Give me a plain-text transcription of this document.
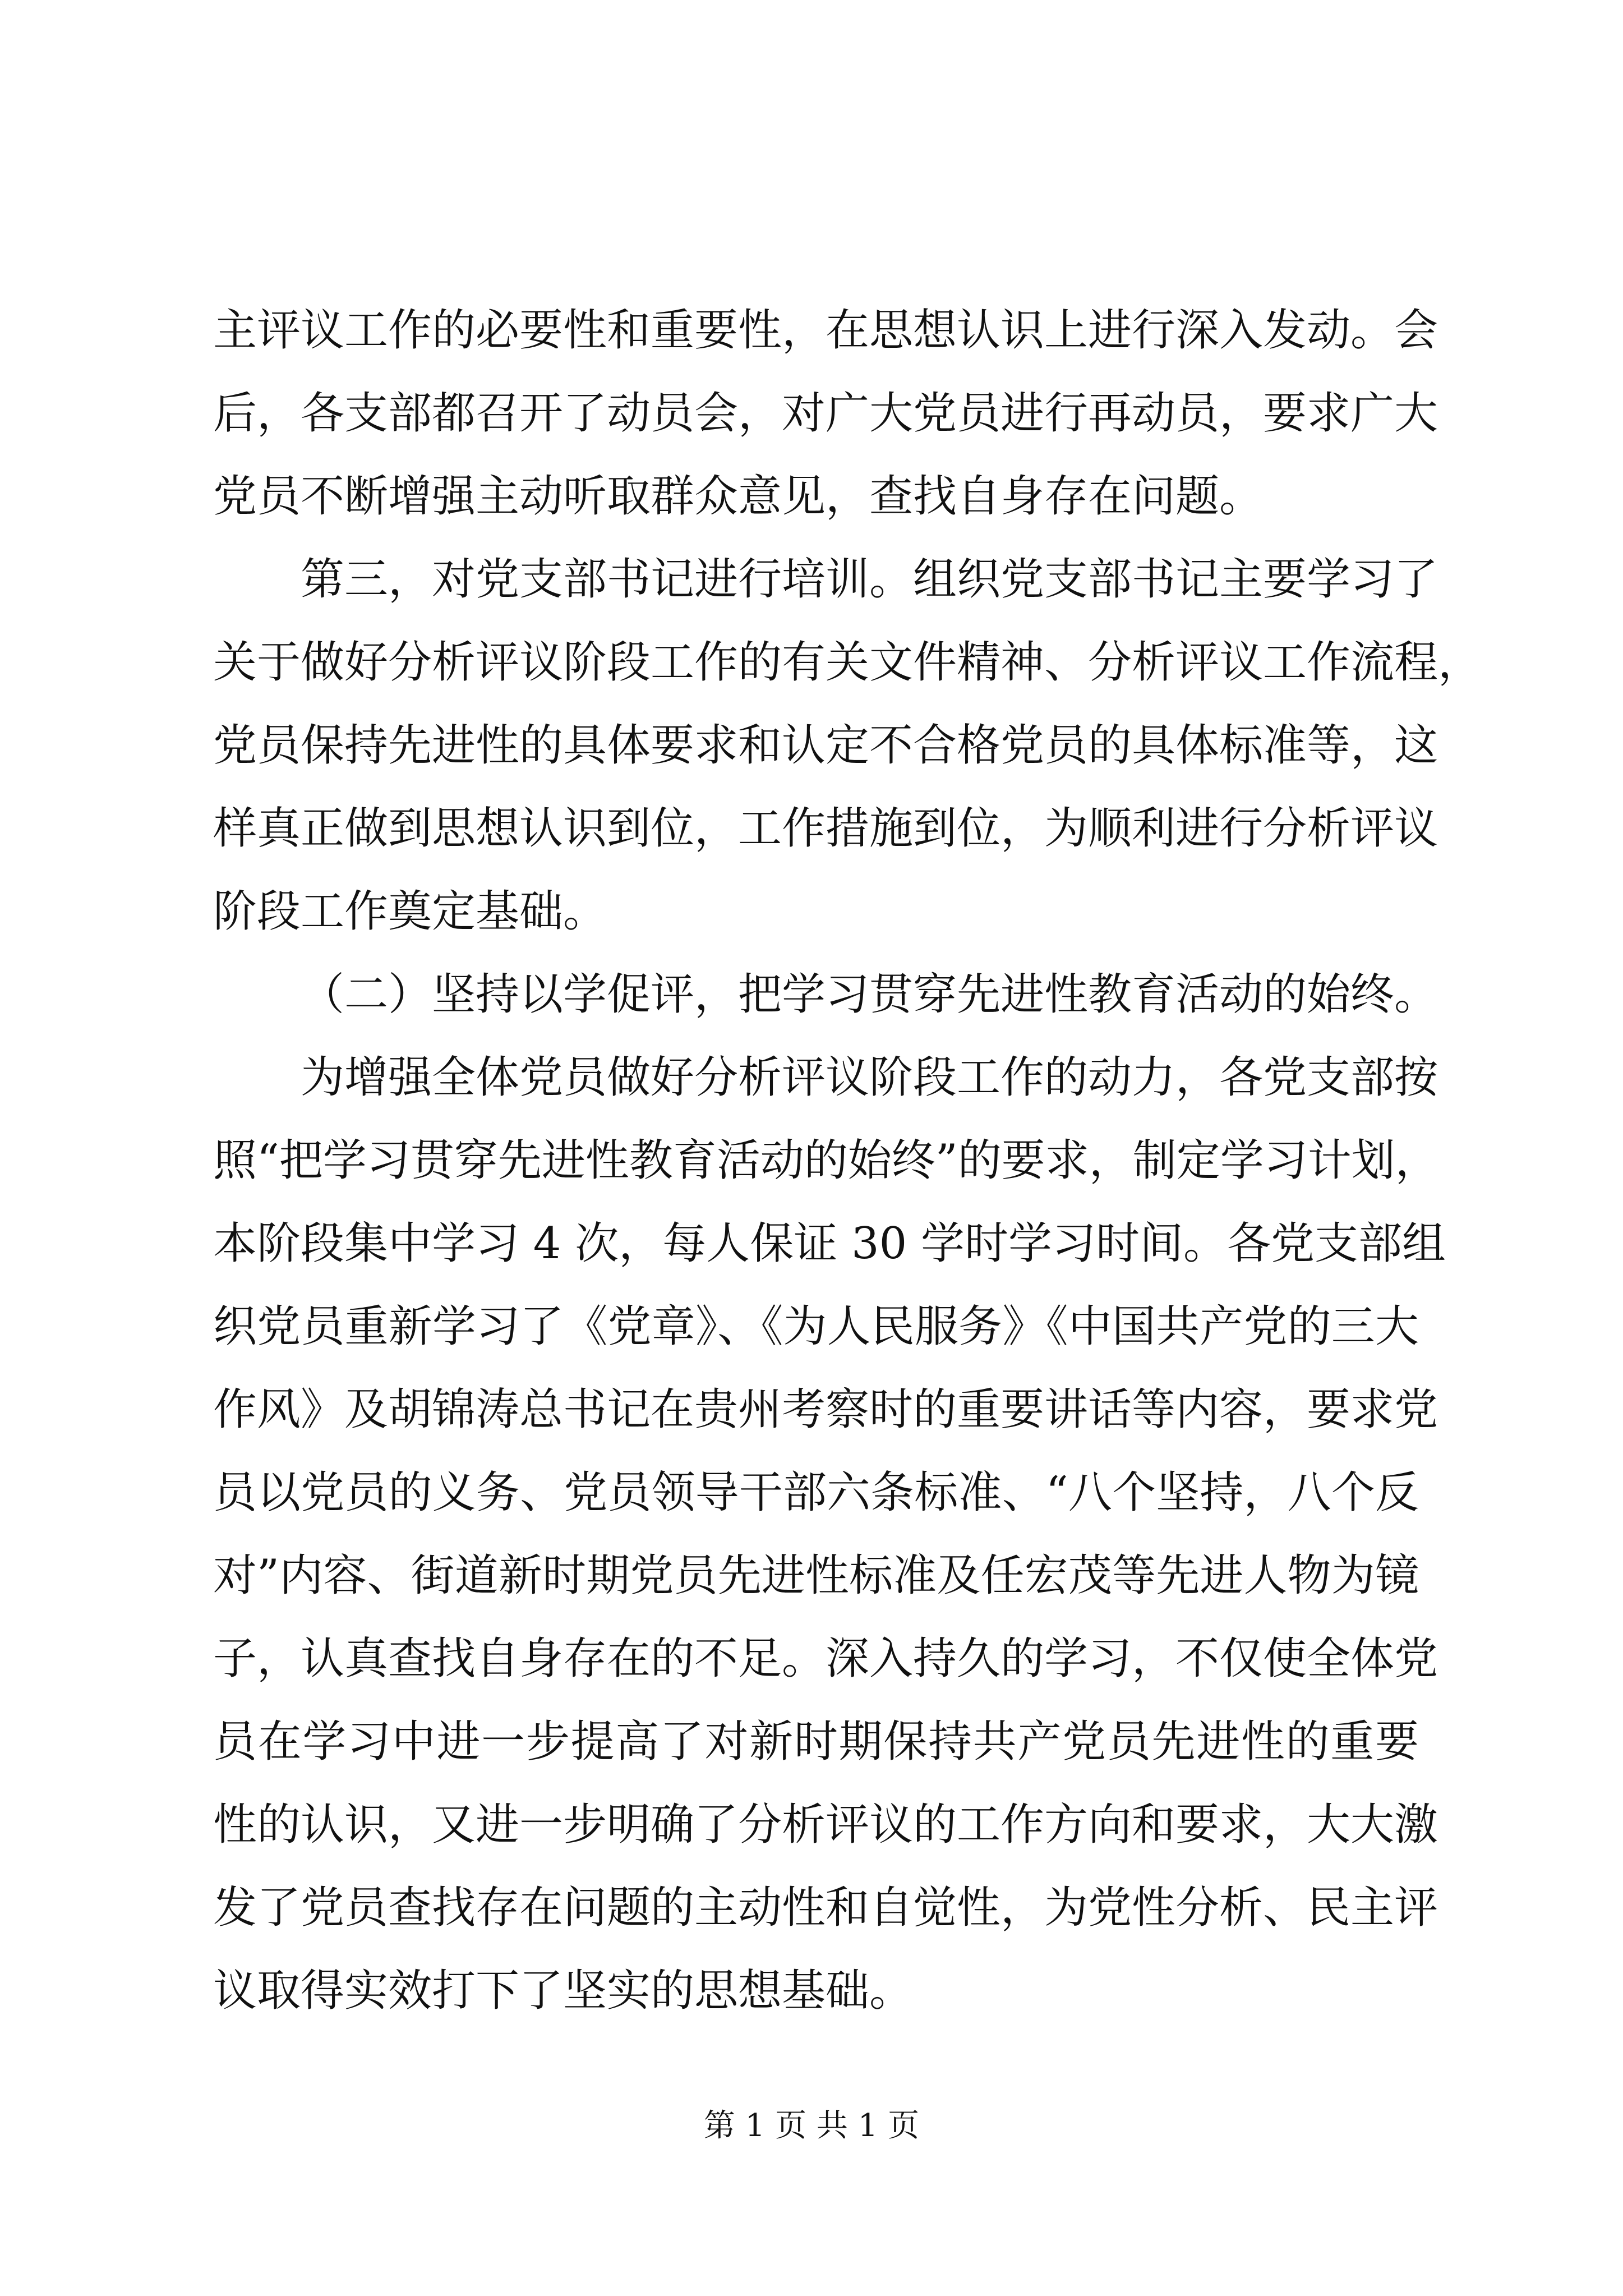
主评议工作的必要性和重要性，在思想认识上进行深入发动。会
后，各支部都召开了动员会，对广大党员进行再动员，要求广大
党员不断增强主动听取群众意见，查找自身存在问题。
第三，对党支部书记进行培训。组织党支部书记主要学习了
关于做好分析评议阶段工作的有关文件精神、分析评议工作流程，
党员保持先进性的具体要求和认定不合格党员的具体标准等，这
样真正做到思想认识到位，工作措施到位，为顺利进行分析评议
阶段工作奠定基础。
（二）坚持以学促评，把学习贯穿先进性教育活动的始终。
为增强全体党员做好分析评议阶段工作的动力，各党支部按
照“把学习贯穿先进性教育活动的始终”的要求，制定学习计划，
本阶段集中学习 4 次，每人保证 30 学时学习时间。各党支部组
织党员重新学习了《党章》、《为人民服务》《中国共产党的三大
作风》及胡锦涛总书记在贵州考察时的重要讲话等内容，要求党
员以党员的义务、党员领导干部六条标准、“八个坚持，八个反
对”内容、街道新时期党员先进性标准及任宏茂等先进人物为镜
子，认真查找自身存在的不足。深入持久的学习，不仅使全体党
员在学习中进一步提高了对新时期保持共产党员先进性的重要
性的认识，又进一步明确了分析评议的工作方向和要求，大大激
发了党员查找存在问题的主动性和自觉性，为党性分析、民主评
议取得实效打下了坚实的思想基础。
第 1 页 共 1 页
